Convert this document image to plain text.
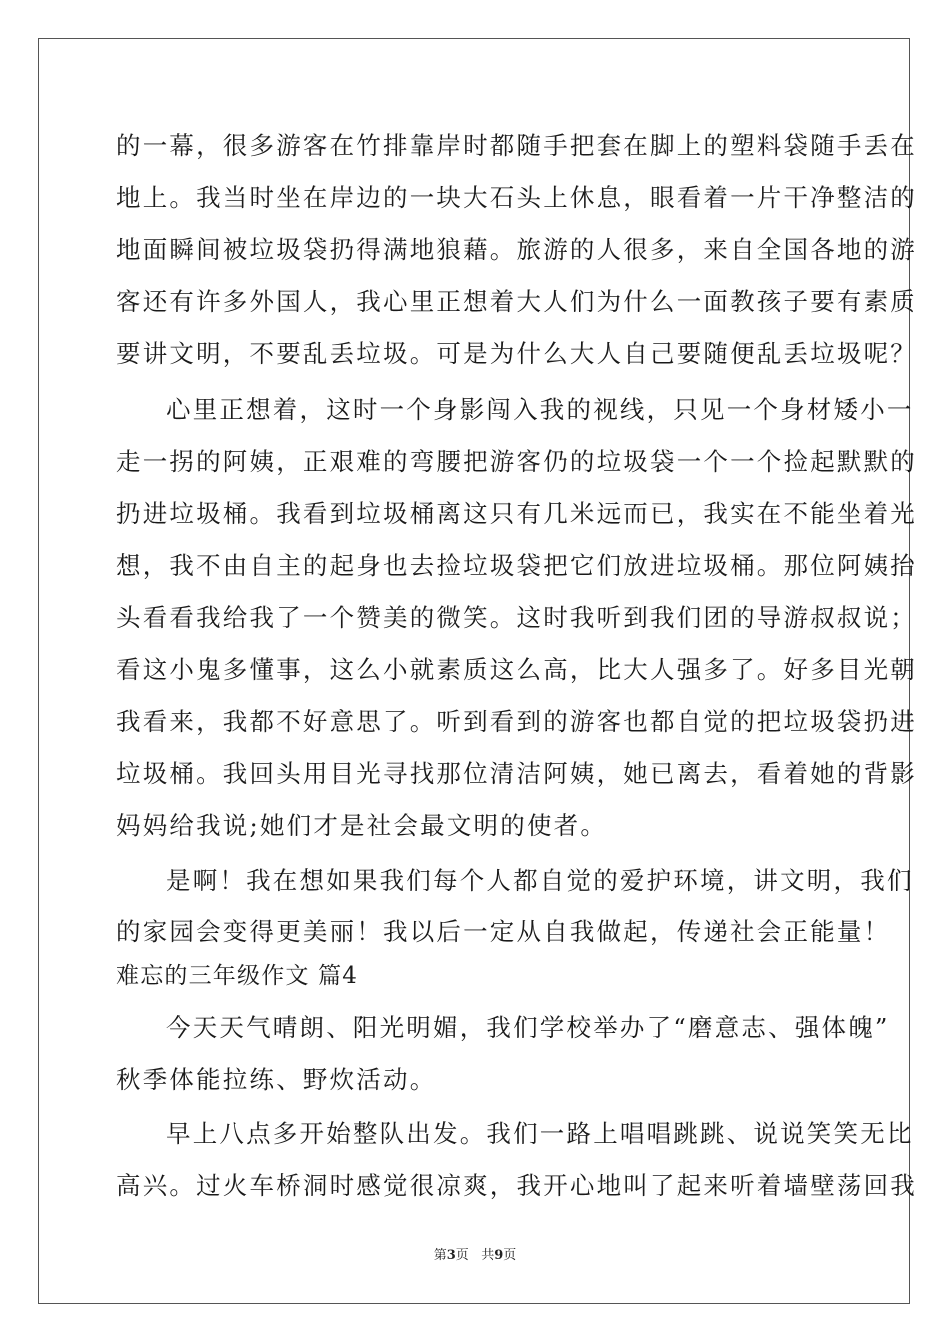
的一幕，很多游客在竹排靠岸时都随手把套在脚上的塑料袋随手丢在
地上。我当时坐在岸边的一块大石头上休息，眼看着一片干净整洁的
地面瞬间被垃圾袋扔得满地狼藉。旅游的人很多，来自全国各地的游
客还有许多外国人，我心里正想着大人们为什么一面教孩子要有素质
要讲文明，不要乱丢垃圾。可是为什么大人自己要随便乱丢垃圾呢？
心里正想着，这时一个身影闯入我的视线，只见一个身材矮小一
走一拐的阿姨，正艰难的弯腰把游客仍的垃圾袋一个一个捡起默默的
扔进垃圾桶。我看到垃圾桶离这只有几米远而已，我实在不能坐着光
想，我不由自主的起身也去捡垃圾袋把它们放进垃圾桶。那位阿姨抬
头看看我给我了一个赞美的微笑。这时我听到我们团的导游叔叔说；
看这小鬼多懂事，这么小就素质这么高，比大人强多了。好多目光朝
我看来，我都不好意思了。听到看到的游客也都自觉的把垃圾袋扔进
垃圾桶。我回头用目光寻找那位清洁阿姨，她已离去，看着她的背影
妈妈给我说;她们才是社会最文明的使者。
是啊！我在想如果我们每个人都自觉的爱护环境，讲文明，我们
的家园会变得更美丽！我以后一定从自我做起，传递社会正能量！
难忘的三年级作文 篇4
今天天气晴朗、阳光明媚，我们学校举办了“磨意志、强体魄”
秋季体能拉练、野炊活动。
早上八点多开始整队出发。我们一路上唱唱跳跳、说说笑笑无比
高兴。过火车桥洞时感觉很凉爽，我开心地叫了起来听着墙壁荡回我
第3页   共9页
